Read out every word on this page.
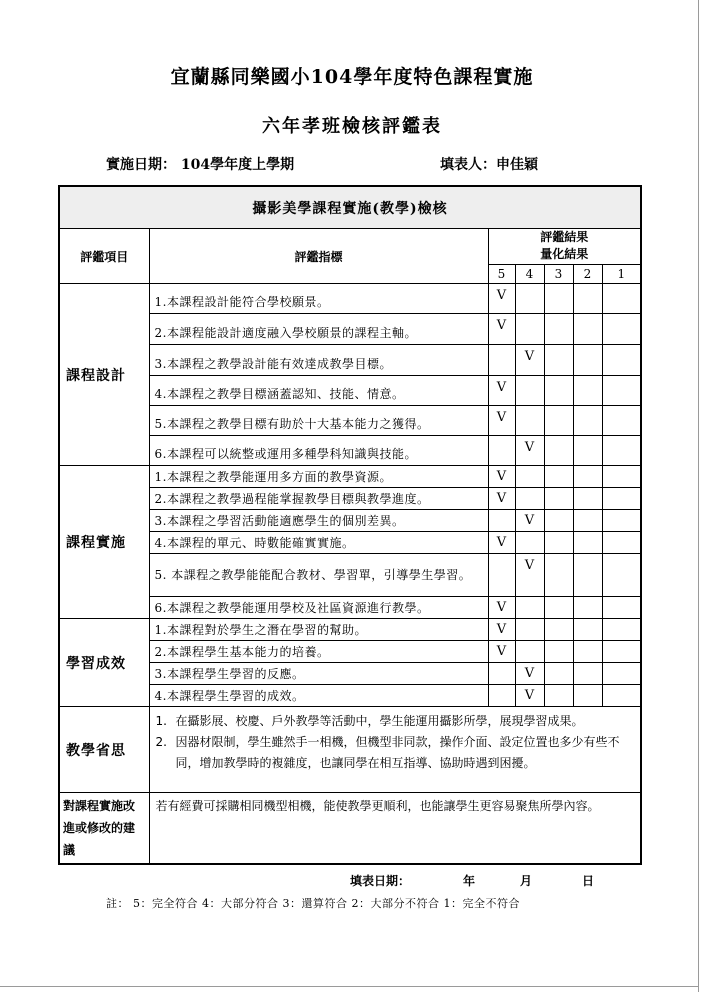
宜蘭縣同樂國小104學年度特色課程實施
六年孝班檢核評鑑表
實施日期： 104學年度上學期	填表人：申佳穎
攝影美學課程實施(教學)檢核						
評鑑項目	評鑑指標	評鑑結果
量化結果				

		5	4	3	2	1
課程設計	1.本課程設計能符合學校願景。	V				
	2.本課程能設計適度融入學校願景的課程主軸。	V				
	3.本課程之教學設計能有效達成教學目標。		V			
	4.本課程之教學目標涵蓋認知、技能、情意。	V				
	5.本課程之教學目標有助於十大基本能力之獲得。	V				
	6.本課程可以統整或運用多種學科知識與技能。		V			
課程實施	1.本課程之教學能運用多方面的教學資源。	V				
	2.本課程之教學過程能掌握教學目標與教學進度。	V				
	3.本課程之學習活動能適應學生的個別差異。		V			
	4.本課程的單元、時數能確實實施。	V				
	5. 本課程之教學能能配合教材、學習單，引導學生學習。		V			
	6.本課程之教學能運用學校及社區資源進行教學。	V				
學習成效	1.本課程對於學生之潛在學習的幫助。	V				
	2.本課程學生基本能力的培養。	V				
	3.本課程學生學習的反應。		V			
	4.本課程學生學習的成效。		V			
教學省思	1. 在攝影展、校慶、戶外教學等活動中，學生能運用攝影所學，展現學習成果。
2. 因器材限制，學生雖然手一相機，但機型非同款，操作介面、設定位置也多少有些不同，增加教學時的複雜度，也讓同學在相互指導、協助時遇到困擾。					

對課程實施改進或修改的建議	若有經費可採購相同機型相機，能使教學更順利，也能讓學生更容易聚焦所學內容。					
填表日期：	年	月	日
註： 5：完全符合 4：大部分符合 3：還算符合 2：大部分不符合 1：完全不符合
